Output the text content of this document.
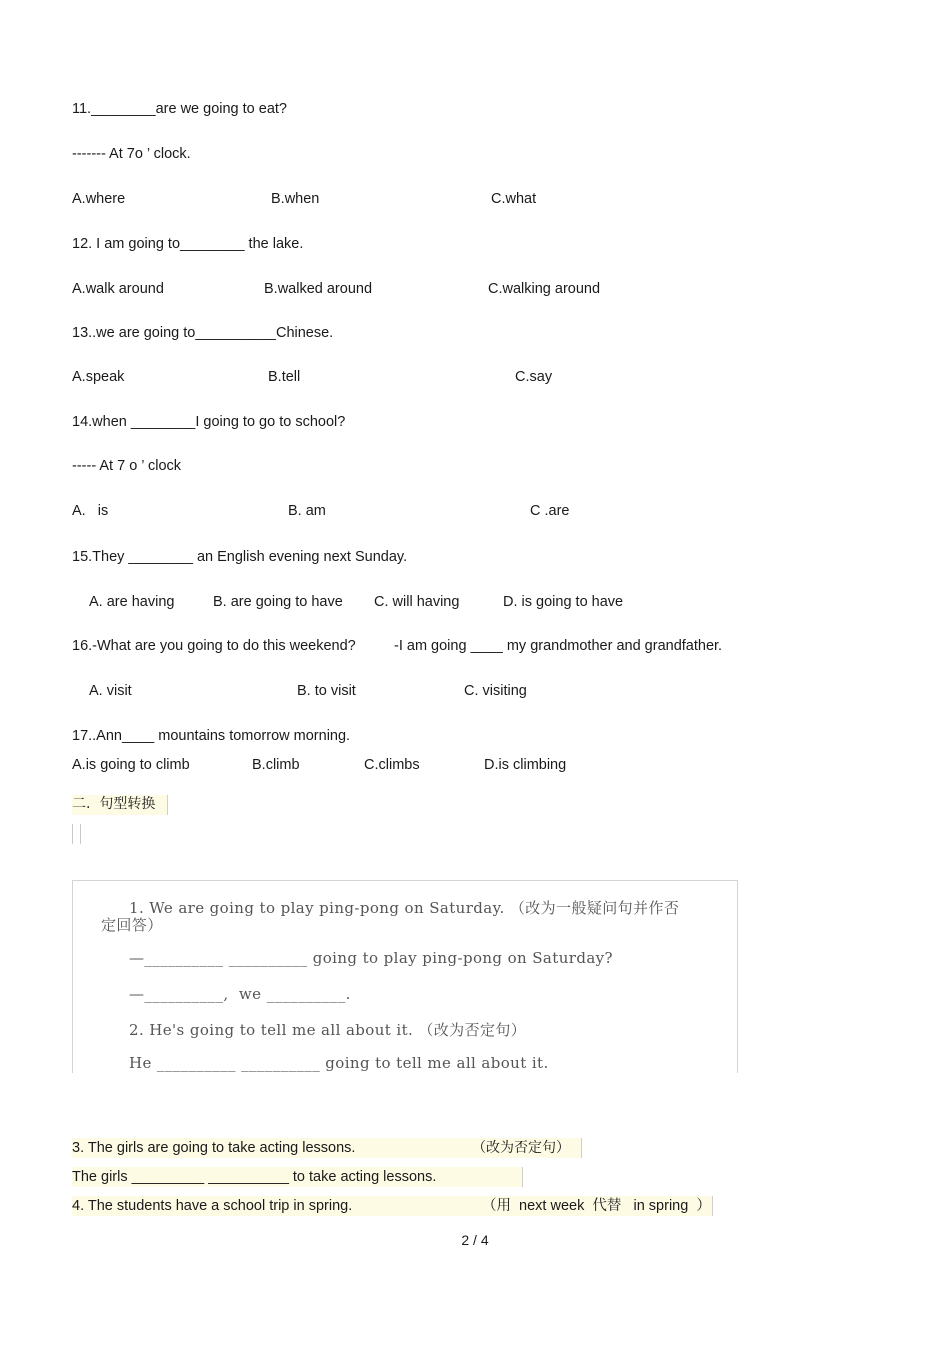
11.________are we going to eat?
------- At 7o ’ clock.
A.where	B.when	C.what
12. I am going to________ the lake.
A.walk around	B.walked around	C.walking around
13..we are going to__________Chinese.
A.speak	B.tell	C.say
14.when ________I going to go to school?
----- At 7 o ’ clock
A.   is	B. am	C .are
15.They ________ an English evening next Sunday.
A. are having	B. are going to have C. will having	D. is going to have
16.-What are you going to do this weekend?	-I am going ____ my grandmother and grandfather.
A. visit	B. to visit	C. visiting
17..Ann____ mountains tomorrow morning.
A.is going to climb	B.climb	C.climbs	D.is climbing
二.  句型转换
1. We are going to play ping-pong on Saturday. （改为一般疑问句并作否
定回答）
—__________ __________ going to play ping-pong on Saturday?
—__________,  we __________.
2. He's going to tell me all about it. （改为否定句）
He __________ __________ going to tell me all about it.
3. The girls are going to take acting lessons.	（改为否定句）
The girls _________ __________ to take acting lessons.
4. The students have a school trip in spring.	（用  next week  代替   in spring  ）
2 / 4
